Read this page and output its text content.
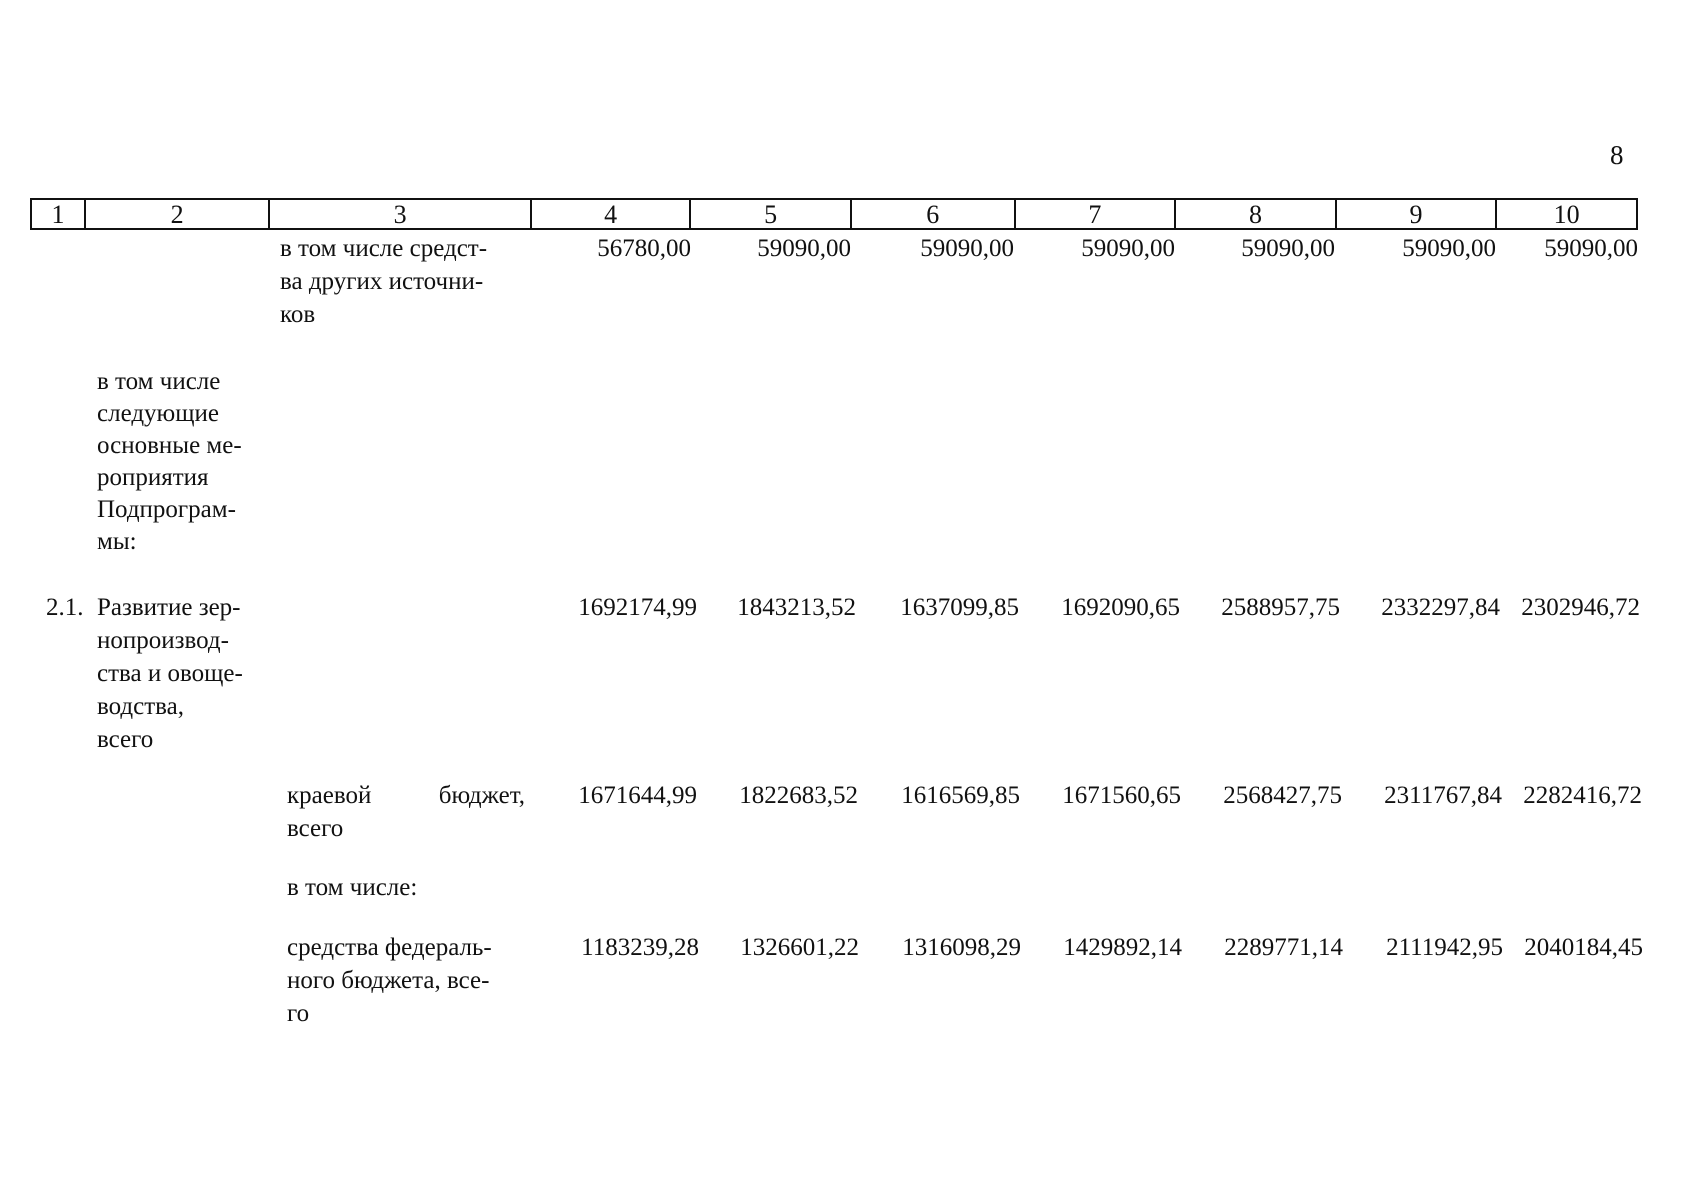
8
1	2	3	4	5	6	7	8	9	10
в том числе средст-
ва других источни-
ков
56780,00	59090,00	59090,00	59090,00	59090,00	59090,00	59090,00
в том числе
следующие
основные ме-
роприятия
Подпрограм-
мы:
2.1. Развитие зер-
нопроизвод-
ства и овоще-
водства,
всего
1692174,99	1843213,52	1637099,85	1692090,65	2588957,75	2332297,84 2302946,72
краевой бюджет,
всего
1671644,99	1822683,52	1616569,85	1671560,65	2568427,75	2311767,84 2282416,72
в том числе:
средства федераль-
ного бюджета, все-
го
1183239,28	1326601,22	1316098,29	1429892,14	2289771,14	2111942,95 2040184,45
